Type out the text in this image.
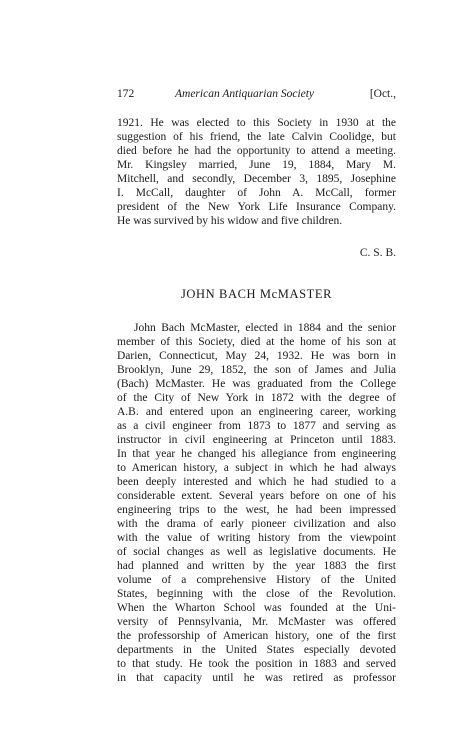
172	American Antiquarian Society	[Oct.,
1921. He was elected to this Society in 1930 at the
suggestion of his friend, the late Calvin Coolidge, but
died before he had the opportunity to attend a meeting.
Mr. Kingsley married, June 19, 1884, Mary M.
Mitchell, and secondly, December 3, 1895, Josephine
I. McCall, daughter of John A. McCall, former
president of the New York Life Insurance Company.
He was survived by his widow and five children.
C. S. B.
JOHN BACH McMASTER
John Bach McMaster, elected in 1884 and the senior
member of this Society, died at the home of his son at
Darien, Connecticut, May 24, 1932. He was born in
Brooklyn, June 29, 1852, the son of James and Julia
(Bach) McMaster. He was graduated from the College
of the City of New York in 1872 with the degree of
A.B. and entered upon an engineering career, working
as a civil engineer from 1873 to 1877 and serving as
instructor in civil engineering at Princeton until 1883.
In that year he changed his allegiance from engineering
to American history, a subject in which he had always
been deeply interested and which he had studied to a
considerable extent. Several years before on one of his
engineering trips to the west, he had been impressed
with the drama of early pioneer civilization and also
with the value of writing history from the viewpoint
of social changes as well as legislative documents. He
had planned and written by the year 1883 the first
volume of a comprehensive History of the United
States, beginning with the close of the Revolution.
When the Wharton School was founded at the Uni-
versity of Pennsylvania, Mr. McMaster was offered
the professorship of American history, one of the first
departments in the United States especially devoted
to that study. He took the position in 1883 and served
in that capacity until he was retired as professor
